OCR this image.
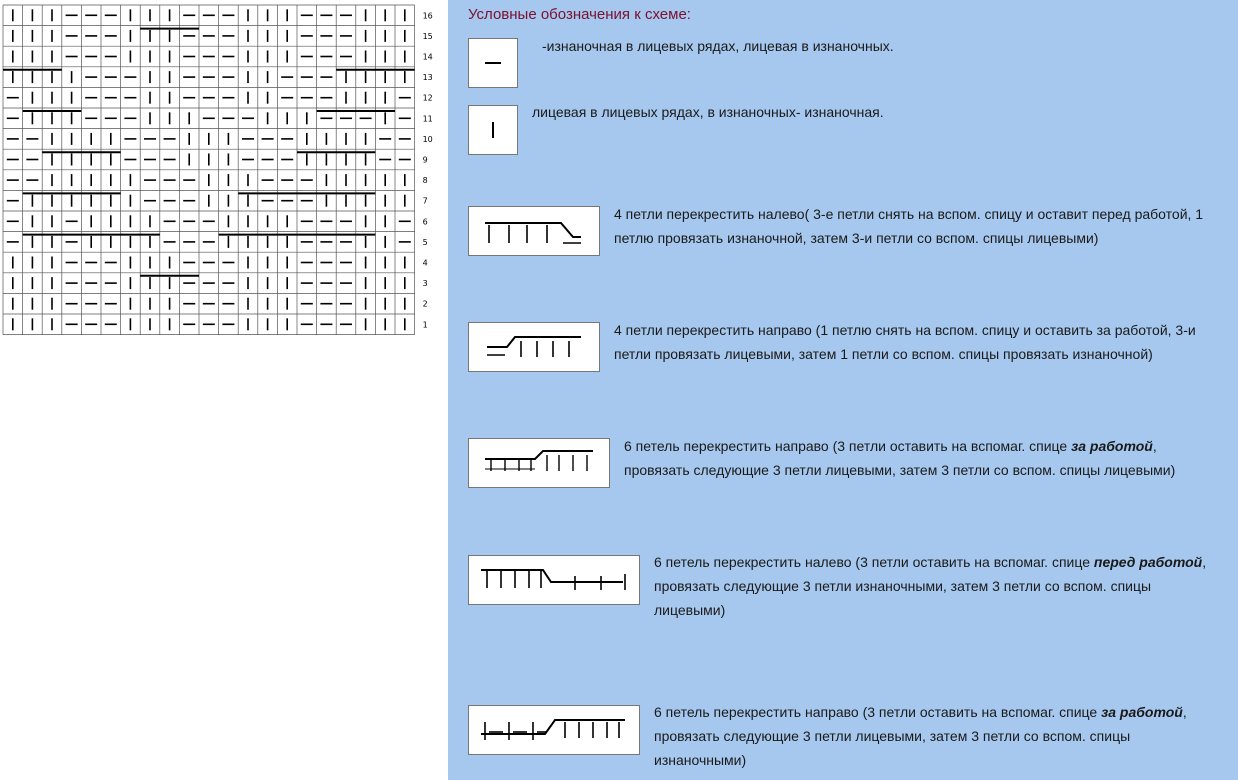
16
15
14
13
12
11
10
9
8
7
6
5
4
3
2
1
Условные обозначения к схеме:
-изнаночная в лицевых рядах, лицевая в изнаночных.
лицевая в лицевых рядах, в изнаночных- изнаночная.
4 петли перекрестить налево( 3-е петли снять на вспом. спицу и оставит перед работой, 1 петлю провязать изнаночной, затем 3-и петли со вспом. спицы лицевыми)
4 петли перекрестить направо (1 петлю снять на вспом. спицу и оставить за работой, 3-и петли провязать лицевыми, затем 1 петли со вспом. спицы провязать изнаночной)
6 петель перекрестить направо (3 петли оставить на вспомаг. спице за работой, провязать следующие 3 петли лицевыми, затем 3 петли со вспом. спицы лицевыми)
6 петель перекрестить налево (3 петли оставить на вспомаг. спице перед работой, провязать следующие 3 петли изнаночными, затем 3 петли со вспом. спицы лицевыми)
6 петель перекрестить направо (3 петли оставить на вспомаг. спице за работой, провязать следующие 3 петли лицевыми, затем 3 петли со вспом. спицы изнаночными)
